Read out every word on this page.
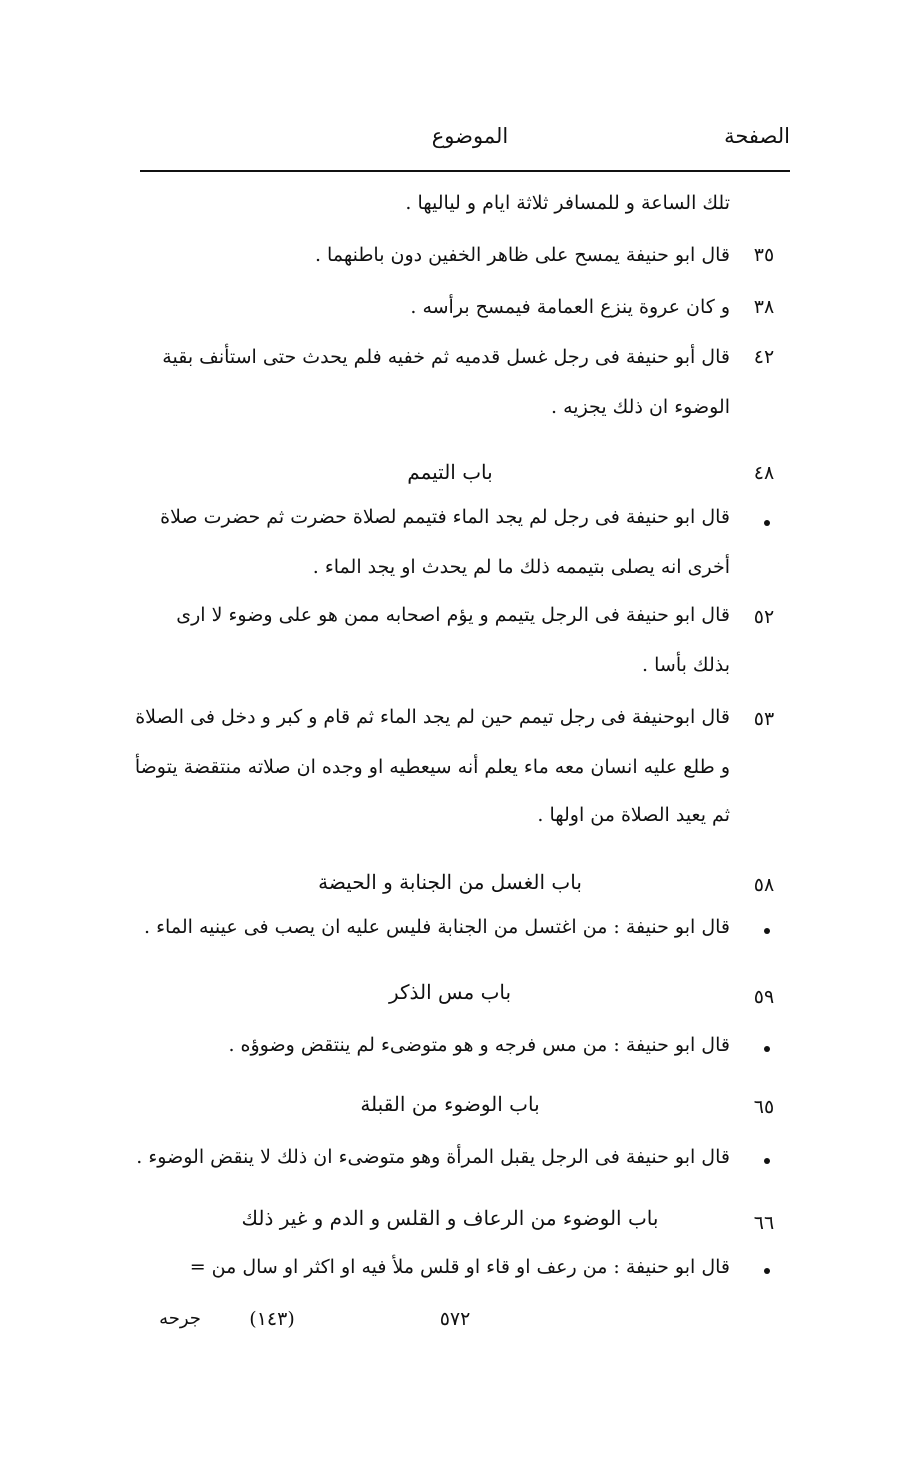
الصفحة
الموضوع
تلك الساعة و للمسافر ثلاثة ايام و لياليها .
٣٥
قال ابو حنيفة يمسح على ظاهر الخفين دون باطنهما .
٣٨
و كان عروة ينزع العمامة فيمسح برأسه .
٤٢
قال أبو حنيفة فى رجل غسل قدميه ثم خفيه فلم يحدث حتى استأنف بقية
الوضوء ان ذلك يجزيه .
٤٨
باب التيمم
قال ابو حنيفة فى رجل لم يجد الماء فتيمم لصلاة حضرت ثم حضرت صلاة
أخرى انه يصلى بتيممه ذلك ما لم يحدث او يجد الماء .
٥٢
قال ابو حنيفة فى الرجل يتيمم و يؤم اصحابه ممن هو على وضوء لا ارى
بذلك بأسا .
٥٣
قال ابوحنيفة فى رجل تيمم حين لم يجد الماء ثم قام و كبر و دخل فى الصلاة
و طلع عليه انسان معه ماء يعلم أنه سيعطيه او وجده ان صلاته منتقضة يتوضأ
ثم يعيد الصلاة من اولها .
٥٨
باب الغسل من الجنابة و الحيضة
قال ابو حنيفة : من اغتسل من الجنابة فليس عليه ان يصب فى عينيه الماء .
٥٩
باب مس الذكر
قال ابو حنيفة : من مس فرجه و هو متوضىء لم ينتقض وضوؤه .
٦٥
باب الوضوء من القبلة
قال ابو حنيفة فى الرجل يقبل المرأة وهو متوضىء ان ذلك لا ينقض الوضوء .
٦٦
باب الوضوء من الرعاف و القلس و الدم و غير ذلك
قال ابو حنيفة : من رعف او قاء او قلس ملأ فيه او اكثر او سال من =
٥٧٢
(١٤٣)
جرحه
